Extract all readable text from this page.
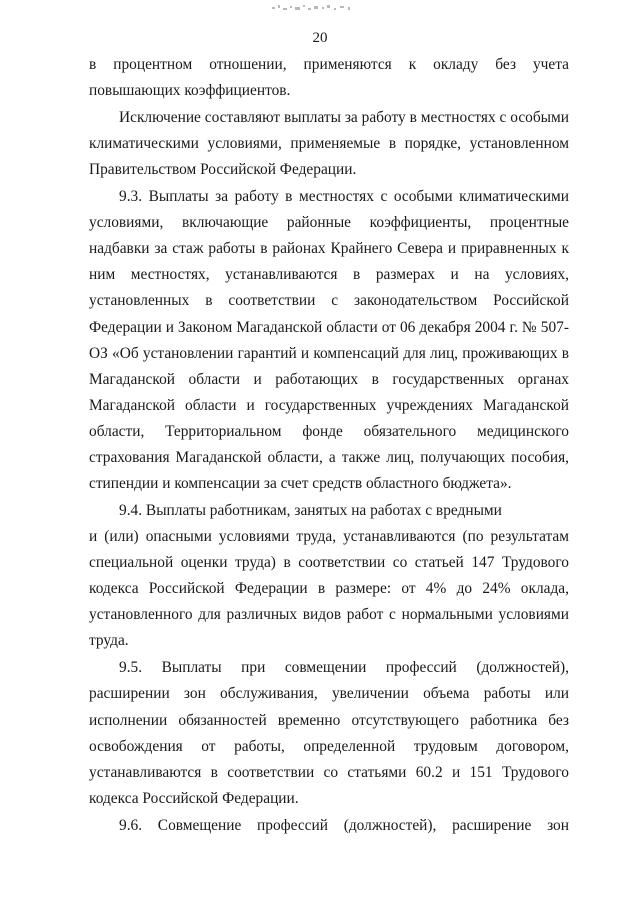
20

в процентном отношении, применяются к окладу без учета повышающих коэффициентов.

Исключение составляют выплаты за работу в местностях с особыми климатическими условиями, применяемые в порядке, установленном Правительством Российской Федерации.

9.3. Выплаты за работу в местностях с особыми климатическими условиями, включающие районные коэффициенты, процентные надбавки за стаж работы в районах Крайнего Севера и приравненных к ним местностях, устанавливаются в размерах и на условиях, установленных в соответствии с законодательством Российской Федерации и Законом Магаданской области от 06 декабря 2004 г. № 507-ОЗ «Об установлении гарантий и компенсаций для лиц, проживающих в Магаданской области и работающих в государственных органах Магаданской области и государственных учреждениях Магаданской области, Территориальном фонде обязательного медицинского страхования Магаданской области, а также лиц, получающих пособия, стипендии и компенсации за счет средств областного бюджета».

9.4. Выплаты работникам, занятых на работах с вредными

и (или) опасными условиями труда, устанавливаются (по результатам специальной оценки труда) в соответствии со статьей 147 Трудового кодекса Российской Федерации в размере: от 4% до 24% оклада, установленного для различных видов работ с нормальными условиями труда.

9.5. Выплаты при совмещении профессий (должностей), расширении зон обслуживания, увеличении объема работы или исполнении обязанностей временно отсутствующего работника без освобождения от работы, определенной трудовым договором, устанавливаются в соответствии со статьями 60.2 и 151 Трудового кодекса Российской Федерации.

9.6. Совмещение профессий (должностей), расширение зон
